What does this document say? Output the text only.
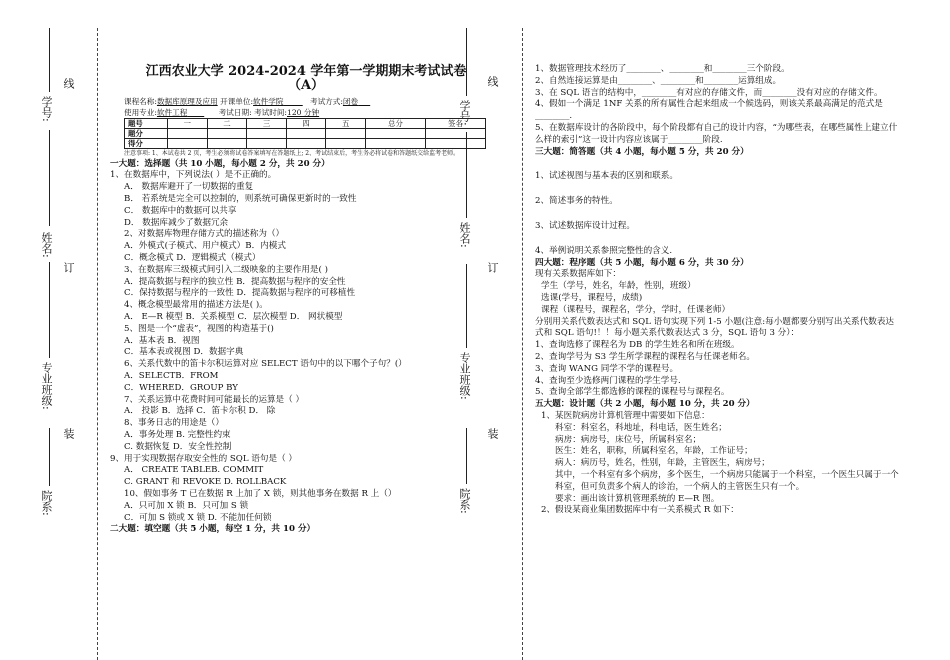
线
订
装
学号:
姓名:
专业班级:
院系:
线
订
装
学号:
姓名:
专业班级:
院系:
江西农业大学 2024-2024 学年第一学期期末考试试卷
（A）
课程名称:数据库原理及应用 开课单位:软件学院	考试方式:闭卷
使用专业:软件工程	考试日期: 考试时间:120 分钟
题号	一	二	三	四	五	总分	签名
题分							
得分							
注意事项: 1、本试卷共 2 页，考生必须将试卷答案填写在答题纸上; 2、考试结束后，考生务必将试卷和答题纸交给监考老师。
一大题：选择题（共 10 小题，每小题 2 分，共 20 分）
1、在数据库中，下列说法( ）是不正确的。
A． 数据库避开了一切数据的重复
B． 若系统是完全可以控制的，则系统可确保更新时的一致性
C． 数据库中的数据可以共享
D． 数据库减少了数据冗余
2、对数据库物理存储方式的描述称为（）
A．外模式(子模式、用户模式）B．内模式
C．概念模式 D．逻辑模式（模式）
3、在数据库三级模式间引入二级映象的主要作用是( )
A．提高数据与程序的独立性 B．提高数据与程序的安全性
C．保持数据与程序的一致性 D．提高数据与程序的可移植性
4、概念模型最常用的描述方法是( )。
A． E—R 模型 B．关系模型 C．层次模型 D． 网状模型
5、图是一个“虚表”，视图的构造基于()
A．基本表 B．视图
C．基本表或视图 D．数据字典
6、关系代数中的笛卡尔积运算对应 SELECT 语句中的以下哪个子句？(）
A．SELECTB．FROM
C．WHERED．GROUP BY
7、关系运算中花费时间可能最长的运算是（ ）
A． 投影 B．选择 C．笛卡尔积 D． 除
8、事务日志的用途是（）
A．事务处理 B. 完整性约束
C. 数据恢复 D．安全性控制
9、用于实现数据存取安全性的 SQL 语句是（ ）
A． CREATE TABLEB. COMMIT
C. GRANT 和 REVOKE D. ROLLBACK
10、假如事务 T 已在数据 R 上加了 X 锁，则其他事务在数据 R 上（）
A．只可加 X 锁 B．只可加 S 锁
C．可加 S 锁或 X 锁 D. 不能加任何锁
二大题：填空题（共 5 小题，每空 1 分，共 10 分）
1、数据管理技术经历了________、________和________三个阶段。
2、自然连接运算是由________、________和________运算组成。
3、在 SQL 语言的结构中，________有对应的存储文件，而________没有对应的存储文件。
4、假如一个满足 1NF 关系的所有属性合起来组成一个候选码，则该关系最高满足的范式是________.
5、在数据库设计的各阶段中，每个阶段都有自己的设计内容，“为哪些表，在哪些属性上建立什么样的索引”这一设计内容应该属于________阶段.
三大题：简答题（共 4 小题，每小题 5 分，共 20 分）
1、试述视图与基本表的区别和联系。
2、简述事务的特性。
3、试述数据库设计过程。
4、举例说明关系参照完整性的含义.
四大题：程序题（共 5 小题，每小题 6 分，共 30 分）
现有关系数据库如下：
学生（学号，姓名，年龄，性别，班级）
选课(学号，课程号，成绩)
课程（课程号，课程名，学分，学时，任课老师）
分别用关系代数表达式和 SQL 语句实现下列 1-5 小题(注意:每小题都要分别写出关系代数表达式和 SQL 语句!！！每小题关系代数表达式 3 分，SQL 语句 3 分）：
1、查询选修了课程名为 DB 的学生姓名和所在班级。
2、查询学号为 S3 学生所学课程的课程名与任课老师名。
3、查询 WANG 同学不学的课程号。
4、查询至少选修两门课程的学生学号.
5、查询全部学生都选修的课程的课程号与课程名。
五大题：设计题（共 2 小题，每小题 10 分，共 20 分）
1、某医院病房计算机管理中需要如下信息：
科室：科室名，科地址，科电话，医生姓名；
病房：病房号，床位号，所属科室名；
医生：姓名，职称，所属科室名，年龄，工作证号；
病人：病历号，姓名，性别，年龄，主管医生，病房号；
其中，一个科室有多个病房，多个医生，一个病房只能属于一个科室，一个医生只属于一个科室，但可负责多个病人的诊治，一个病人的主管医生只有一个。
要求：画出该计算机管理系统的 E—R 图。
2、假设某商业集团数据库中有一关系模式 R 如下：
